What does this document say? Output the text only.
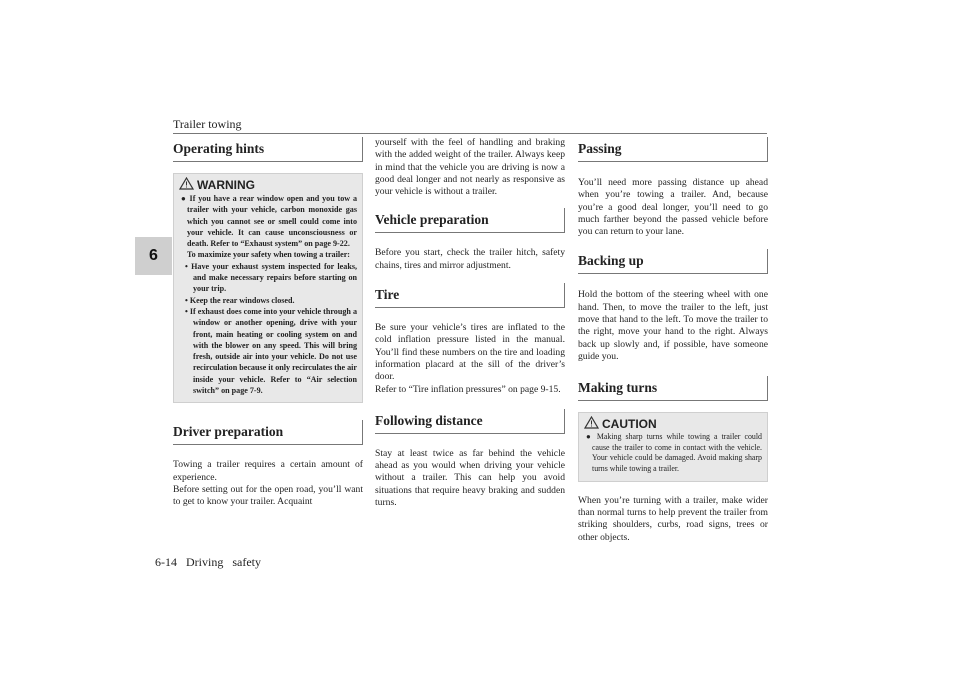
Trailer towing
6
Operating hints
WARNING
● If you have a rear window open and you tow a trailer with your vehicle, carbon monoxide gas which you cannot see or smell could come into your vehicle. It can cause unconsciousness or death. Refer to “Exhaust system” on page 9-22.
To maximize your safety when towing a trailer:
• Have your exhaust system inspected for leaks, and make necessary repairs before starting on your trip.
• Keep the rear windows closed.
• If exhaust does come into your vehicle through a window or another opening, drive with your front, main heating or cooling system on and with the blower on any speed. This will bring fresh, outside air into your vehicle. Do not use recirculation because it only recirculates the air inside your vehicle. Refer to “Air selection switch” on page 7-9.
Driver preparation

Towing a trailer requires a certain amount of experience.

Before setting out for the open road, you’ll want to get to know your trailer. Acquaint

yourself with the feel of handling and braking with the added weight of the trailer. Always keep in mind that the vehicle you are driving is now a good deal longer and not nearly as responsive as your vehicle is without a trailer.

Vehicle preparation

Before you start, check the trailer hitch, safety chains, tires and mirror adjustment.

Tire

Be sure your vehicle’s tires are inflated to the cold inflation pressure listed in the manual. You’ll find these numbers on the tire and loading information placard at the sill of the driver’s door.

Refer to “Tire inflation pressures” on page 9-15.

Following distance

Stay at least twice as far behind the vehicle ahead as you would when driving your vehicle without a trailer. This can help you avoid situations that require heavy braking and sudden turns.

Passing

You’ll need more passing distance up ahead when you’re towing a trailer. And, because you’re a good deal longer, you’ll need to go much farther beyond the passed vehicle before you can return to your lane.

Backing up

Hold the bottom of the steering wheel with one hand. Then, to move the trailer to the left, just move that hand to the left. To move the trailer to the right, move your hand to the right. Always back up slowly and, if possible, have someone guide you.

Making turns
CAUTION
● Making sharp turns while towing a trailer could cause the trailer to come in contact with the vehicle. Your vehicle could be damaged. Avoid making sharp turns while towing a trailer.

When you’re turning with a trailer, make wider than normal turns to help prevent the trailer from striking shoulders, curbs, road signs, trees or other objects.

6-14 Driving safety
